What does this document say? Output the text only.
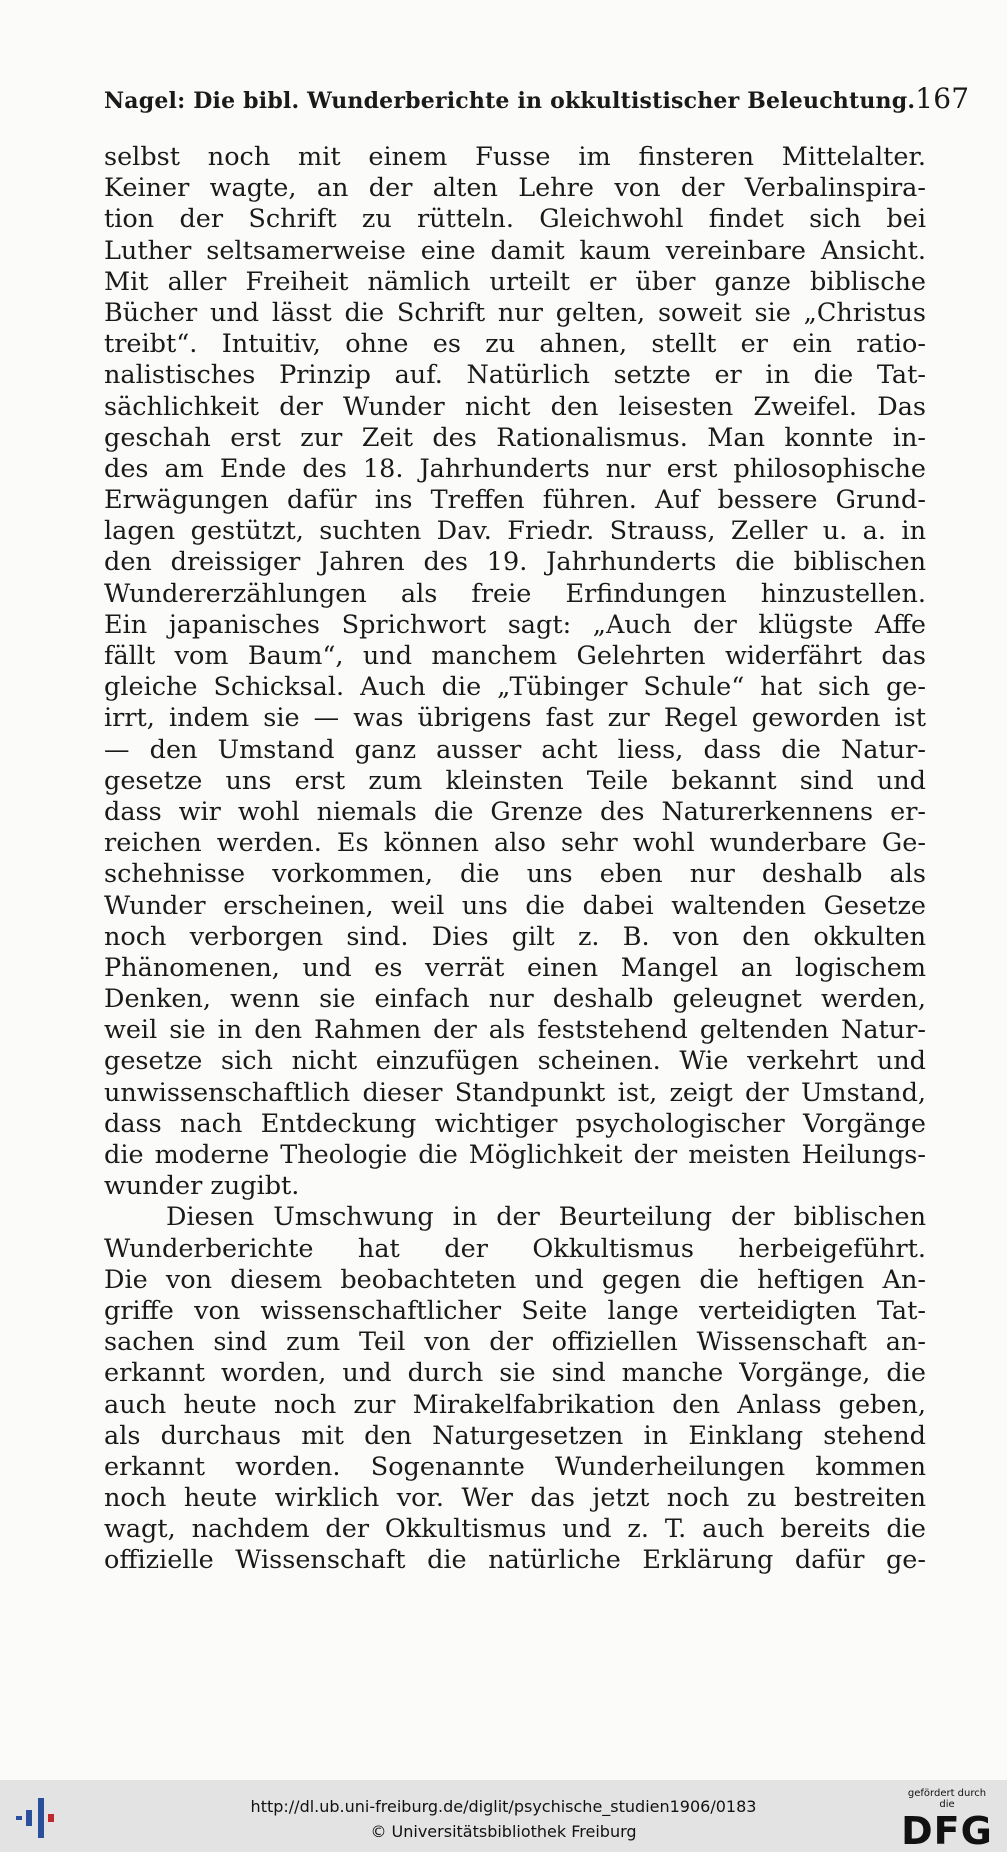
Nagel: Die bibl. Wunderberichte in okkultistischer Beleuchtung. 167
selbst noch mit einem Fusse im finsteren Mittelalter.
Keiner wagte, an der alten Lehre von der Verbalinspira-
tion der Schrift zu rütteln. Gleichwohl findet sich bei
Luther seltsamerweise eine damit kaum vereinbare Ansicht.
Mit aller Freiheit nämlich urteilt er über ganze biblische
Bücher und lässt die Schrift nur gelten, soweit sie „Christus
treibt“. Intuitiv, ohne es zu ahnen, stellt er ein ratio-
nalistisches Prinzip auf. Natürlich setzte er in die Tat-
sächlichkeit der Wunder nicht den leisesten Zweifel. Das
geschah erst zur Zeit des Rationalismus. Man konnte in-
des am Ende des 18. Jahrhunderts nur erst philosophische
Erwägungen dafür ins Treffen führen. Auf bessere Grund-
lagen gestützt, suchten Dav. Friedr. Strauss, Zeller u. a. in
den dreissiger Jahren des 19. Jahrhunderts die biblischen
Wundererzählungen als freie Erfindungen hinzustellen.
Ein japanisches Sprichwort sagt: „Auch der klügste Affe
fällt vom Baum“, und manchem Gelehrten widerfährt das
gleiche Schicksal. Auch die „Tübinger Schule“ hat sich ge-
irrt, indem sie — was übrigens fast zur Regel geworden ist
— den Umstand ganz ausser acht liess, dass die Natur-
gesetze uns erst zum kleinsten Teile bekannt sind und
dass wir wohl niemals die Grenze des Naturerkennens er-
reichen werden. Es können also sehr wohl wunderbare Ge-
schehnisse vorkommen, die uns eben nur deshalb als
Wunder erscheinen, weil uns die dabei waltenden Gesetze
noch verborgen sind. Dies gilt z. B. von den okkulten
Phänomenen, und es verrät einen Mangel an logischem
Denken, wenn sie einfach nur deshalb geleugnet werden,
weil sie in den Rahmen der als feststehend geltenden Natur-
gesetze sich nicht einzufügen scheinen. Wie verkehrt und
unwissenschaftlich dieser Standpunkt ist, zeigt der Umstand,
dass nach Entdeckung wichtiger psychologischer Vorgänge
die moderne Theologie die Möglichkeit der meisten Heilungs-
wunder zugibt.
Diesen Umschwung in der Beurteilung der biblischen
Wunderberichte hat der Okkultismus herbeigeführt.
Die von diesem beobachteten und gegen die heftigen An-
griffe von wissenschaftlicher Seite lange verteidigten Tat-
sachen sind zum Teil von der offiziellen Wissenschaft an-
erkannt worden, und durch sie sind manche Vorgänge, die
auch heute noch zur Mirakelfabrikation den Anlass geben,
als durchaus mit den Naturgesetzen in Einklang stehend
erkannt worden. Sogenannte Wunderheilungen kommen
noch heute wirklich vor. Wer das jetzt noch zu bestreiten
wagt, nachdem der Okkultismus und z. T. auch bereits die
offizielle Wissenschaft die natürliche Erklärung dafür ge-
http://dl.ub.uni-freiburg.de/diglit/psychische_studien1906/0183
© Universitätsbibliothek Freiburg
gefördert durch die
DFG
